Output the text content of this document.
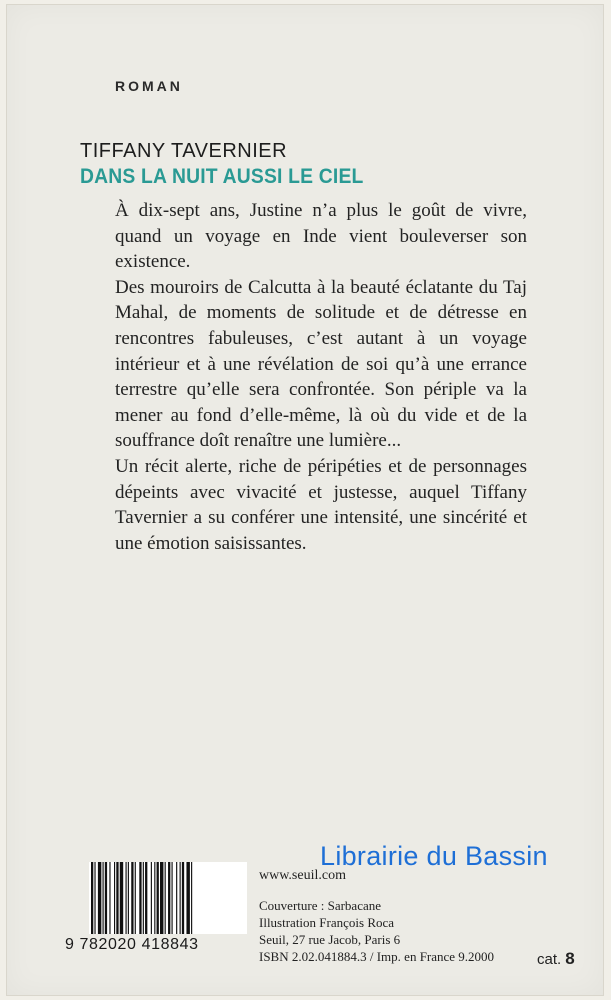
ROMAN
TIFFANY TAVERNIER
DANS LA NUIT AUSSI LE CIEL

À dix-sept ans, Justine n’a plus le goût de vivre, quand un voyage en Inde vient bouleverser son existence.

Des mouroirs de Calcutta à la beauté éclatante du Taj Mahal, de moments de solitude et de détresse en rencontres fabuleuses, c’est autant à un voyage intérieur et à une révélation de soi qu’à une errance terrestre qu’elle sera confrontée. Son périple va la mener au fond d’elle-même, là où du vide et de la souffrance doît renaître une lumière...

Un récit alerte, riche de péripéties et de personnages dépeints avec vivacité et justesse, auquel Tiffany Tavernier a su conférer une intensité, une sincérité et une émotion saisissantes.

9 782020 418843
www.seuil.com
Couverture : Sarbacane
Illustration François Roca
Seuil, 27 rue Jacob, Paris 6
ISBN 2.02.041884.3 / Imp. en France 9.2000
Librairie du Bassin
cat. 8
